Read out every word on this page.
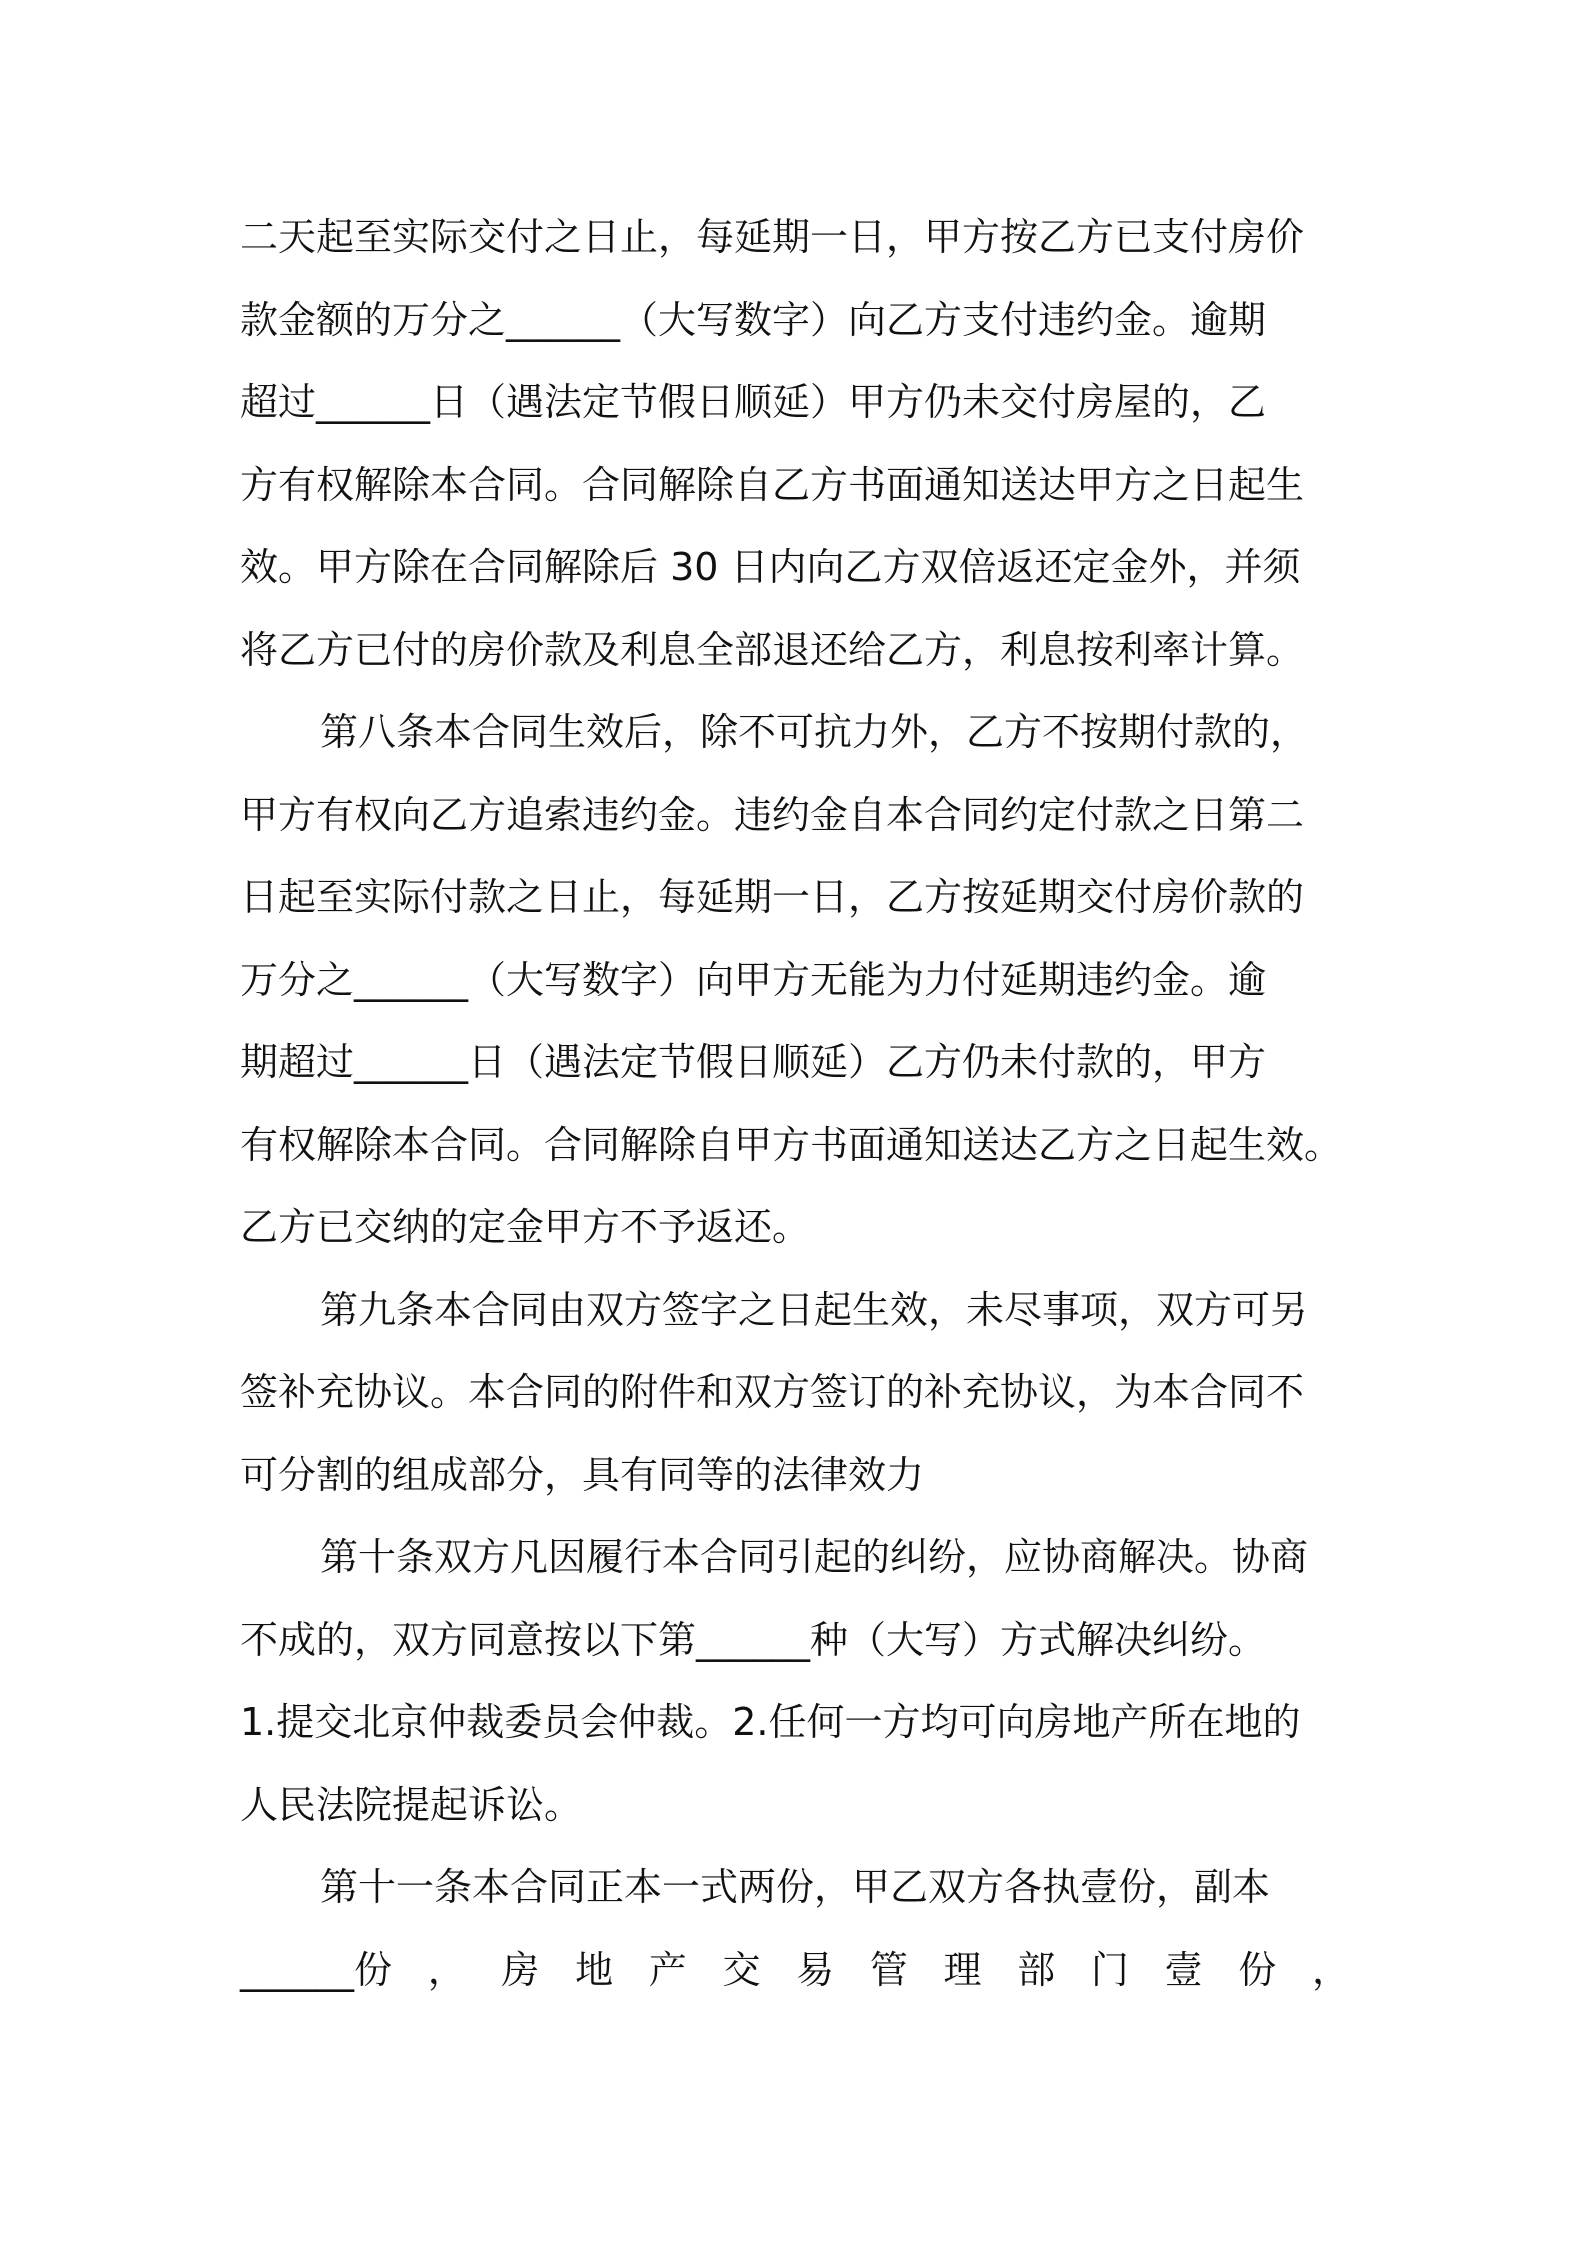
二天起至实际交付之日止，每延期一日，甲方按乙方已支付房价
款金额的万分之______（大写数字）向乙方支付违约金。逾期
超过______日（遇法定节假日顺延）甲方仍未交付房屋的，乙
方有权解除本合同。合同解除自乙方书面通知送达甲方之日起生
效。甲方除在合同解除后 30 日内向乙方双倍返还定金外，并须
将乙方已付的房价款及利息全部退还给乙方，利息按利率计算。
第八条本合同生效后，除不可抗力外，乙方不按期付款的，
甲方有权向乙方追索违约金。违约金自本合同约定付款之日第二
日起至实际付款之日止，每延期一日，乙方按延期交付房价款的
万分之______（大写数字）向甲方无能为力付延期违约金。逾
期超过______日（遇法定节假日顺延）乙方仍未付款的，甲方
有权解除本合同。合同解除自甲方书面通知送达乙方之日起生效。
乙方已交纳的定金甲方不予返还。
第九条本合同由双方签字之日起生效，未尽事项，双方可另
签补充协议。本合同的附件和双方签订的补充协议，为本合同不
可分割的组成部分，具有同等的法律效力
第十条双方凡因履行本合同引起的纠纷，应协商解决。协商
不成的，双方同意按以下第______种（大写）方式解决纠纷。
1.提交北京仲裁委员会仲裁。2.任何一方均可向房地产所在地的
人民法院提起诉讼。
第十一条本合同正本一式两份，甲乙双方各执壹份，副本
______份 ， 房 地 产 交 易 管 理 部 门 壹 份 ，
